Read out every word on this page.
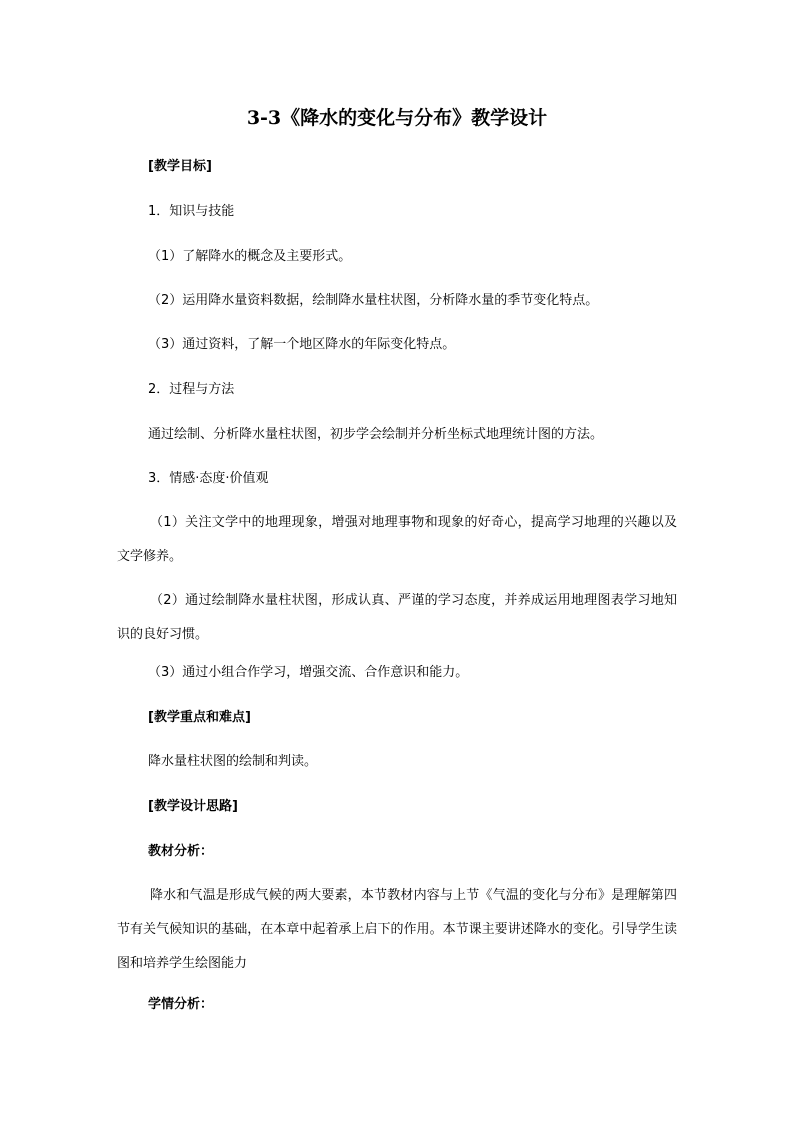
3-3《降水的变化与分布》教学设计
[教学目标]
1．知识与技能
（1）了解降水的概念及主要形式。
（2）运用降水量资料数据，绘制降水量柱状图，分析降水量的季节变化特点。
（3）通过资料，了解一个地区降水的年际变化特点。
2．过程与方法
通过绘制、分析降水量柱状图，初步学会绘制并分析坐标式地理统计图的方法。
3．情感·态度·价值观
（1）关注文学中的地理现象，增强对地理事物和现象的好奇心，提高学习地理的兴趣以及文学修养。
（2）通过绘制降水量柱状图，形成认真、严谨的学习态度，并养成运用地理图表学习地知识的良好习惯。
（3）通过小组合作学习，增强交流、合作意识和能力。
[教学重点和难点]
降水量柱状图的绘制和判读。
[教学设计思路]
教材分析：
降水和气温是形成气候的两大要素，本节教材内容与上节《气温的变化与分布》是理解第四节有关气候知识的基础，在本章中起着承上启下的作用。本节课主要讲述降水的变化。引导学生读图和培养学生绘图能力
学情分析：
